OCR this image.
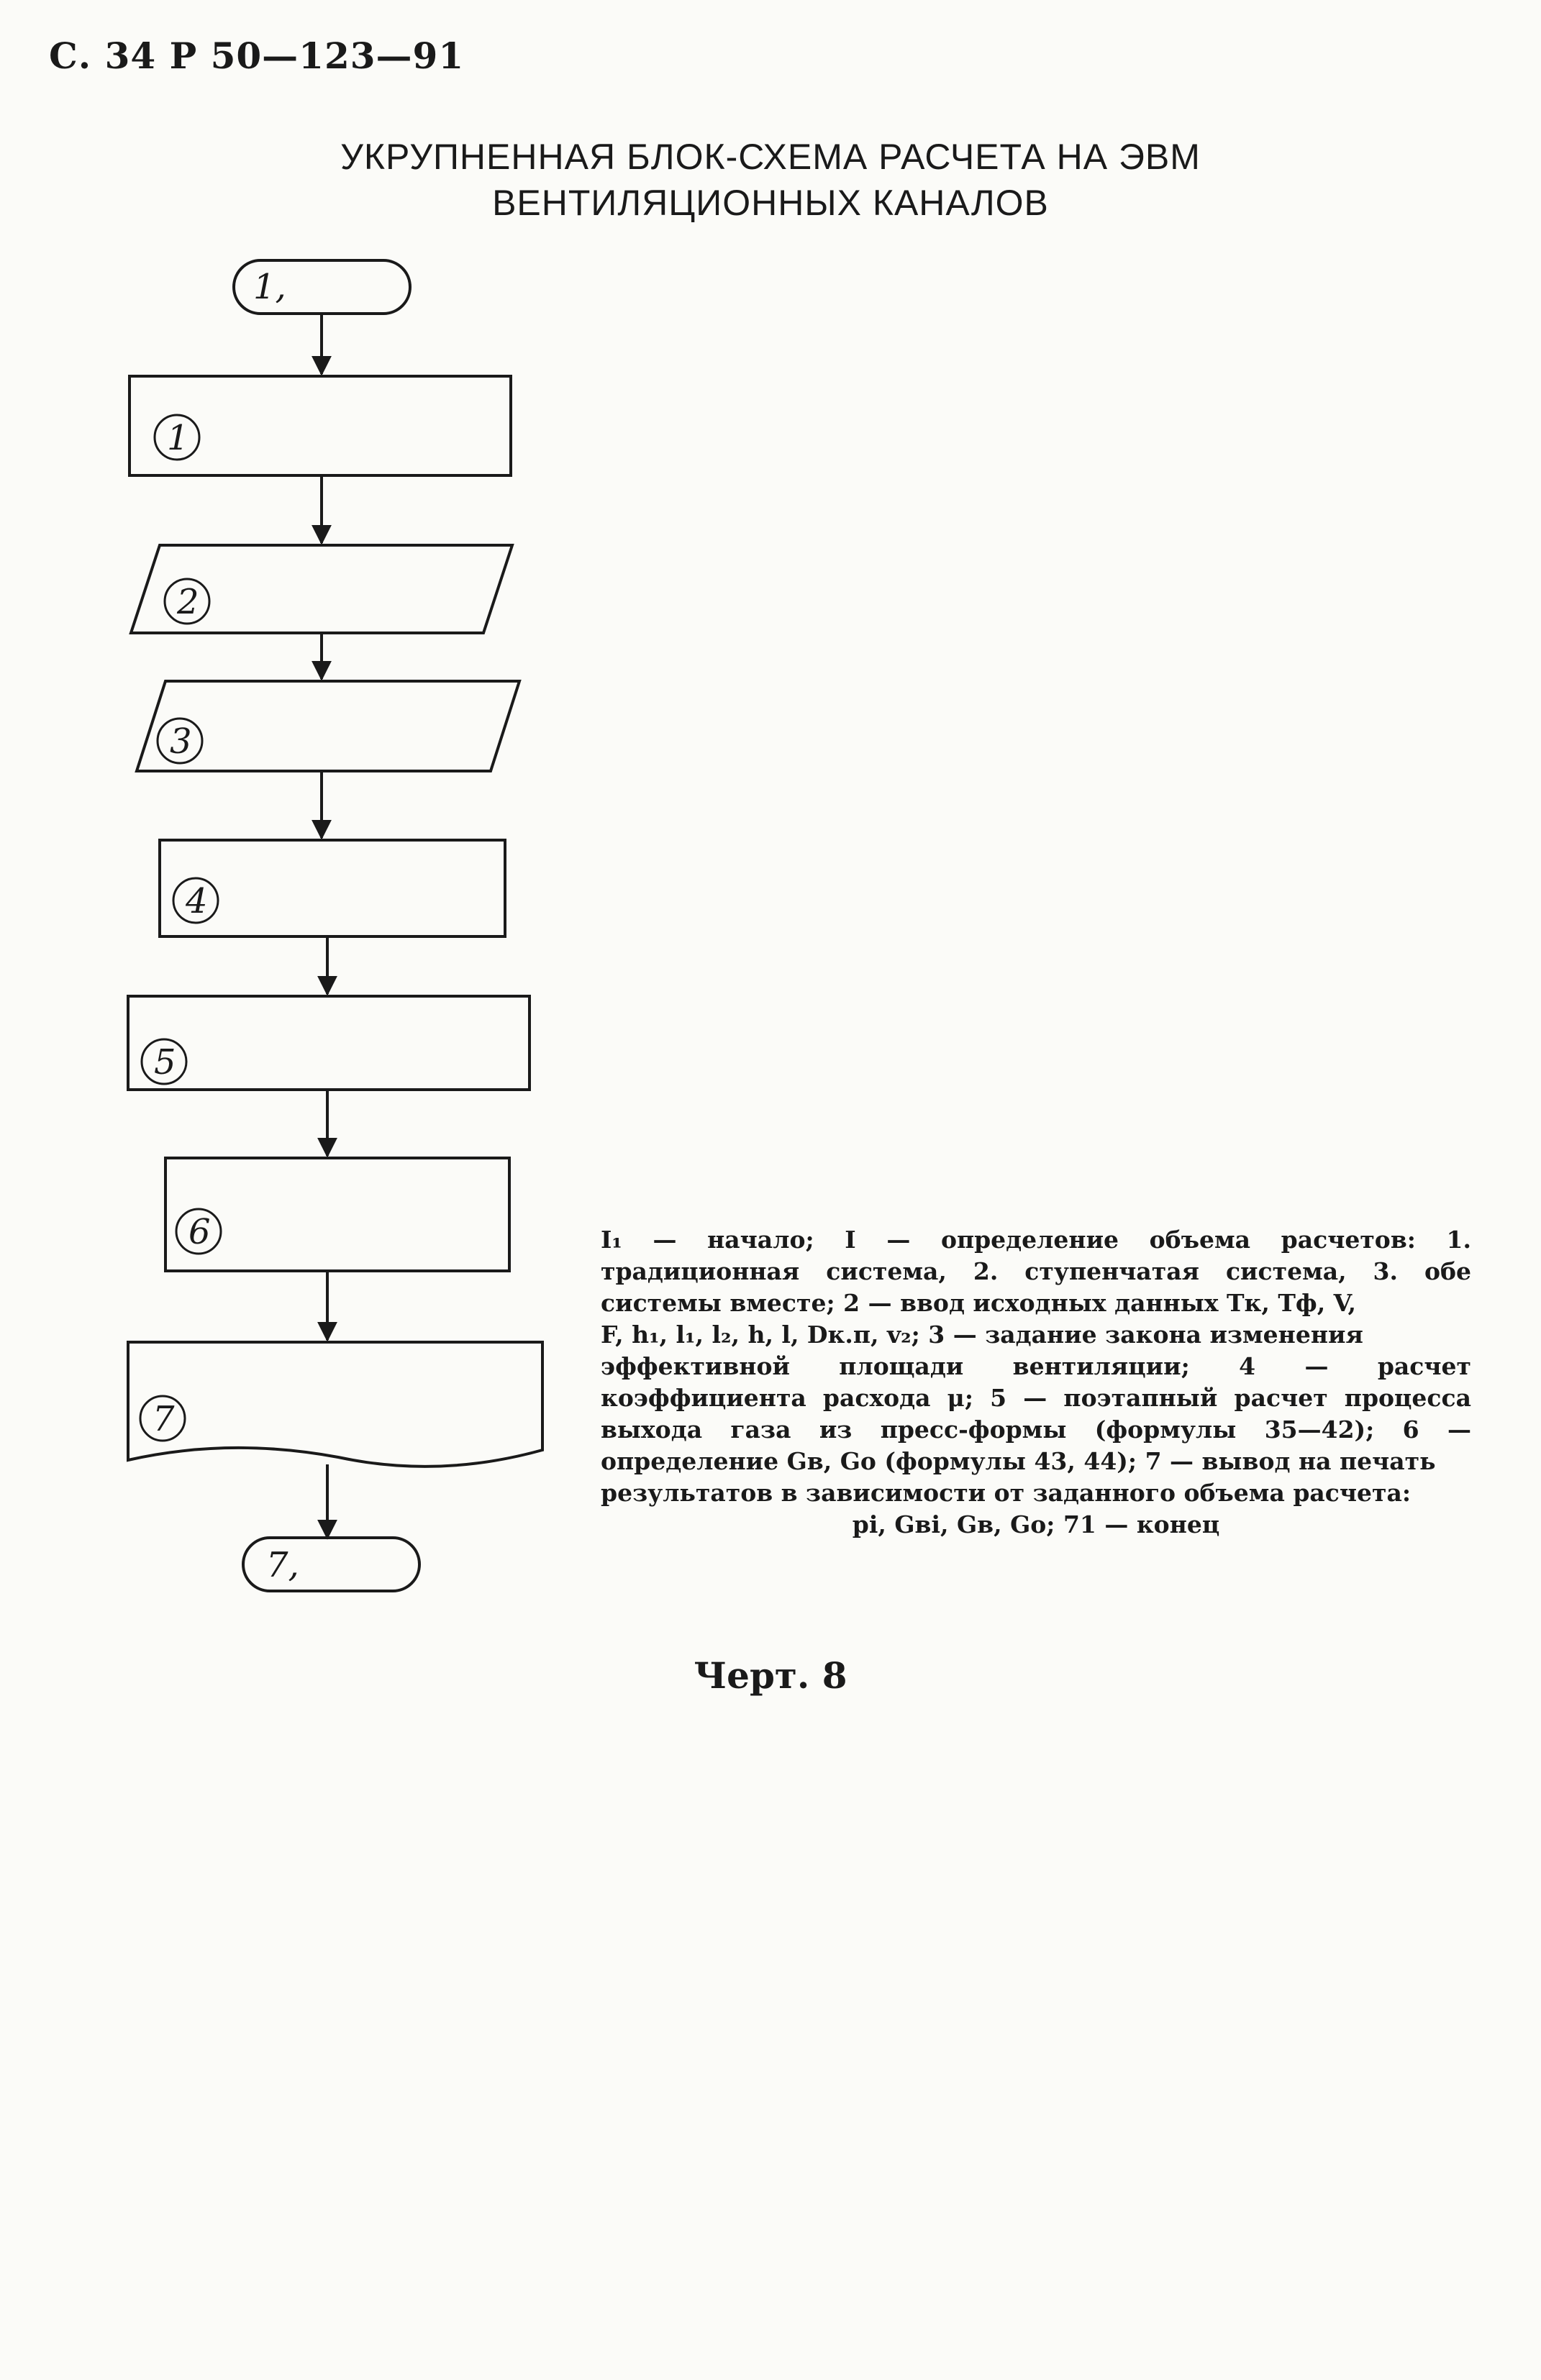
С. 34 Р 50—123—91
УКРУПНЕННАЯ БЛОК-СХЕМА РАСЧЕТА НА ЭВМ
ВЕНТИЛЯЦИОННЫХ КАНАЛОВ
1,
1
2
3
4
5
6
7
7,
I₁ — начало; I — определение объема расчетов: 1. традиционная система, 2. ступенчатая система, 3. обе системы вместе; 2 — ввод исходных данных Tк, Tф, V,
F, h₁, l₁, l₂, h, l, Dк.п, v₂; 3 — задание закона изменения
эффективной площади вентиляции; 4 — расчет коэффициента расхода μ; 5 — поэтапный расчет процесса выхода газа из пресс-формы (формулы 35—42); 6 — определение Gв, Gо (формулы 43, 44); 7 — вывод на печать
результатов в зависимости от заданного объема расчета:
pi, Gвi, Gв, Gо; 71 — конец
Черт. 8
